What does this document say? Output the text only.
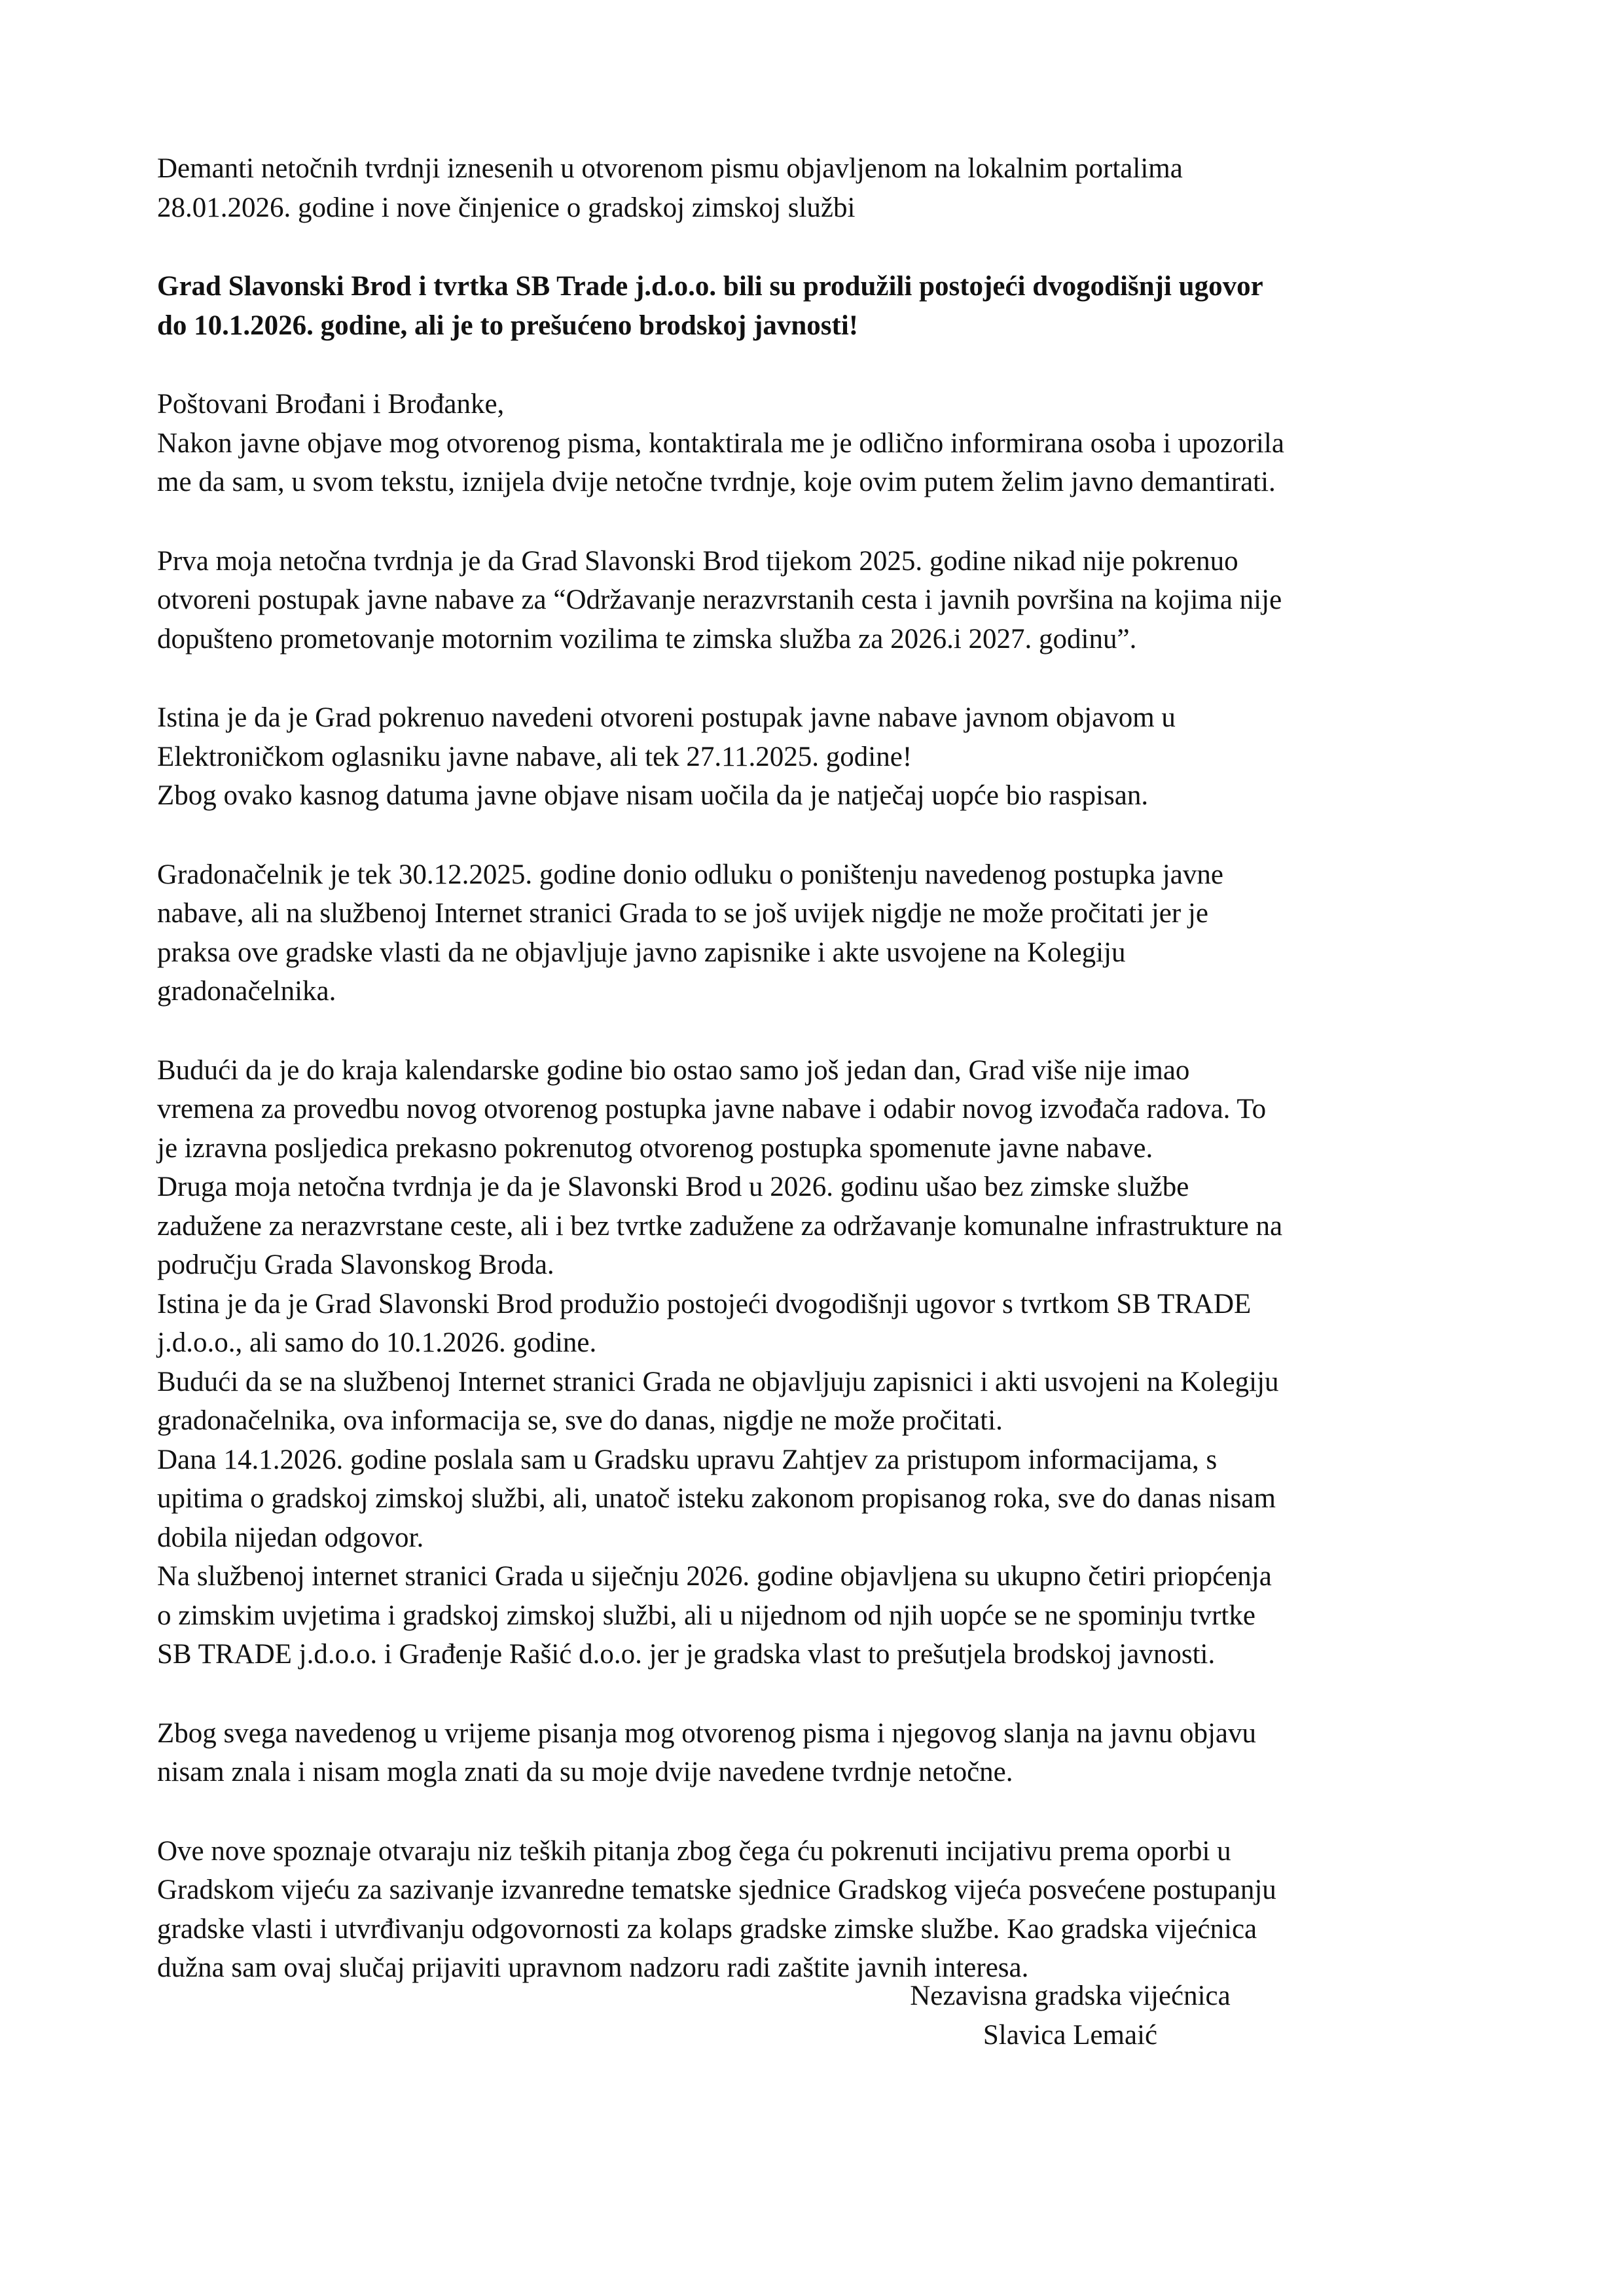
Demanti netočnih tvrdnji iznesenih u otvorenom pismu objavljenom na lokalnim portalima
28.01.2026. godine i nove činjenice o gradskoj zimskoj službi

Grad Slavonski Brod i tvrtka SB Trade j.d.o.o. bili su produžili postojeći dvogodišnji ugovor
do 10.1.2026. godine, ali je to prešućeno brodskoj javnosti!

Poštovani Brođani i Brođanke,
Nakon javne objave mog otvorenog pisma, kontaktirala me je odlično informirana osoba i upozorila
me da sam, u svom tekstu, iznijela dvije netočne tvrdnje, koje ovim putem želim javno demantirati.

Prva moja netočna tvrdnja je da Grad Slavonski Brod tijekom 2025. godine nikad nije pokrenuo
otvoreni postupak javne nabave za “Održavanje nerazvrstanih cesta i javnih površina na kojima nije
dopušteno prometovanje motornim vozilima te zimska služba za 2026.i 2027. godinu”.

Istina je da je Grad pokrenuo navedeni otvoreni postupak javne nabave javnom objavom u
Elektroničkom oglasniku javne nabave, ali tek 27.11.2025. godine!
Zbog ovako kasnog datuma javne objave nisam uočila da je natječaj uopće bio raspisan.

Gradonačelnik je tek 30.12.2025. godine donio odluku o poništenju navedenog postupka javne
nabave, ali na službenoj Internet stranici Grada to se još uvijek nigdje ne može pročitati jer je
praksa ove gradske vlasti da ne objavljuje javno zapisnike i akte usvojene na Kolegiju
gradonačelnika.

Budući da je do kraja kalendarske godine bio ostao samo još jedan dan, Grad više nije imao
vremena za provedbu novog otvorenog postupka javne nabave i odabir novog izvođača radova. To
je izravna posljedica prekasno pokrenutog otvorenog postupka spomenute javne nabave.
Druga moja netočna tvrdnja je da je Slavonski Brod u 2026. godinu ušao bez zimske službe
zadužene za nerazvrstane ceste, ali i bez tvrtke zadužene za održavanje komunalne infrastrukture na
području Grada Slavonskog Broda.
Istina je da je Grad Slavonski Brod produžio postojeći dvogodišnji ugovor s tvrtkom SB TRADE
j.d.o.o., ali samo do 10.1.2026. godine.
Budući da se na službenoj Internet stranici Grada ne objavljuju zapisnici i akti usvojeni na Kolegiju
gradonačelnika, ova informacija se, sve do danas, nigdje ne može pročitati.
Dana 14.1.2026. godine poslala sam u Gradsku upravu Zahtjev za pristupom informacijama, s
upitima o gradskoj zimskoj službi, ali, unatoč isteku zakonom propisanog roka, sve do danas nisam
dobila nijedan odgovor.
Na službenoj internet stranici Grada u siječnju 2026. godine objavljena su ukupno četiri priopćenja
o zimskim uvjetima i gradskoj zimskoj službi, ali u nijednom od njih uopće se ne spominju tvrtke
SB TRADE j.d.o.o. i Građenje Rašić d.o.o. jer je gradska vlast to prešutjela brodskoj javnosti.

Zbog svega navedenog u vrijeme pisanja mog otvorenog pisma i njegovog slanja na javnu objavu
nisam znala i nisam mogla znati da su moje dvije navedene tvrdnje netočne.

Ove nove spoznaje otvaraju niz teških pitanja zbog čega ću pokrenuti incijativu prema oporbi u
Gradskom vijeću za sazivanje izvanredne tematske sjednice Gradskog vijeća posvećene postupanju
gradske vlasti i utvrđivanju odgovornosti za kolaps gradske zimske službe. Kao gradska vijećnica
dužna sam ovaj slučaj prijaviti upravnom nadzoru radi zaštite javnih interesa.

Nezavisna gradska vijećnica
Slavica Lemaić
